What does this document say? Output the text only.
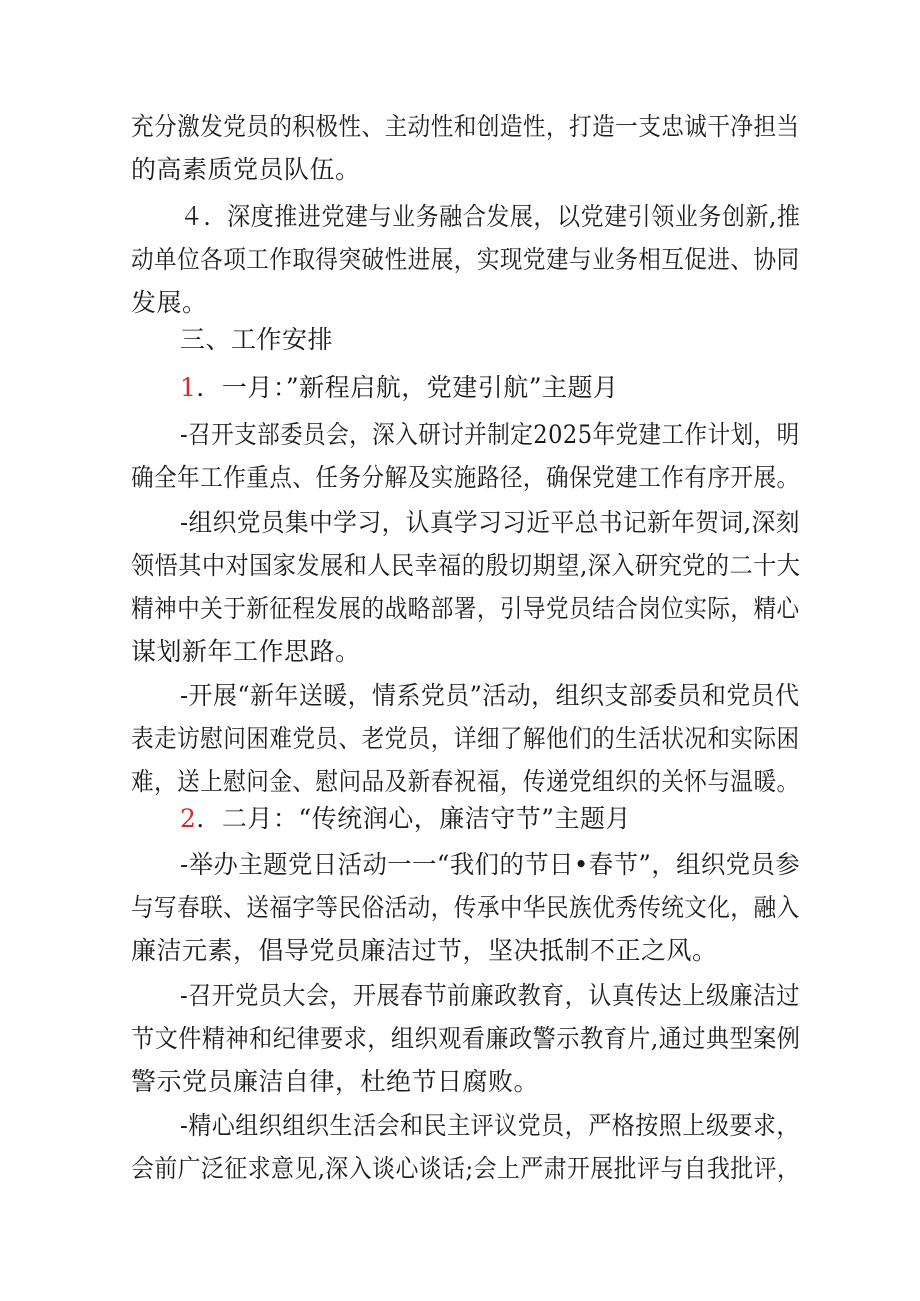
充分激发党员的积极性、主动性和创造性，打造一支忠诚干净担当
的高素质党员队伍。
４．深度推进党建与业务融合发展，以党建引领业务创新,推
动单位各项工作取得突破性进展，实现党建与业务相互促进、协同
发展。
三、工作安排
1．一月：”新程启航，党建引航”主题月
-召开支部委员会，深入研讨并制定2025年党建工作计划，明
确全年工作重点、任务分解及实施路径，确保党建工作有序开展。
-组织党员集中学习，认真学习习近平总书记新年贺词,深刻
领悟其中对国家发展和人民幸福的殷切期望,深入研究党的二十大
精神中关于新征程发展的战略部署，引导党员结合岗位实际，精心
谋划新年工作思路。
-开展“新年送暖，情系党员”活动，组织支部委员和党员代
表走访慰问困难党员、老党员，详细了解他们的生活状况和实际困
难，送上慰问金、慰问品及新春祝福，传递党组织的关怀与温暖。
2．二月：“传统润心，廉洁守节”主题月
-举办主题党日活动一一“我们的节日•春节”，组织党员参
与写春联、送福字等民俗活动，传承中华民族优秀传统文化，融入
廉洁元素，倡导党员廉洁过节，坚决抵制不正之风。
-召开党员大会，开展春节前廉政教育，认真传达上级廉洁过
节文件精神和纪律要求，组织观看廉政警示教育片,通过典型案例
警示党员廉洁自律，杜绝节日腐败。
-精心组织组织生活会和民主评议党员，严格按照上级要求，
会前广泛征求意见,深入谈心谈话;会上严肃开展批评与自我批评，
